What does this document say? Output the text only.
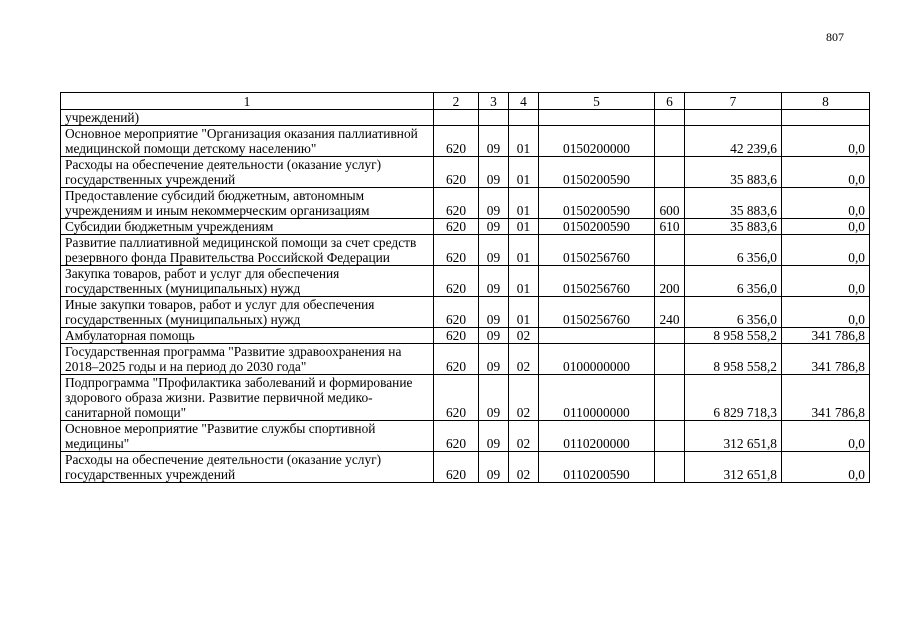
807
1	2	3	4	5	6	7	8
учреждений)							
Основное мероприятие "Организация оказания паллиативной медицинской помощи детскому населению"	620	09	01	0150200000		42 239,6	0,0
Расходы на обеспечение деятельности (оказание услуг) государственных учреждений	620	09	01	0150200590		35 883,6	0,0
Предоставление субсидий бюджетным, автономным учреждениям и иным некоммерческим организациям	620	09	01	0150200590	600	35 883,6	0,0
Субсидии бюджетным учреждениям	620	09	01	0150200590	610	35 883,6	0,0
Развитие паллиативной медицинской помощи за счет средств резервного фонда Правительства Российской Федерации	620	09	01	0150256760		6 356,0	0,0
Закупка товаров, работ и услуг для обеспечения государственных (муниципальных) нужд	620	09	01	0150256760	200	6 356,0	0,0
Иные закупки товаров, работ и услуг для обеспечения государственных (муниципальных) нужд	620	09	01	0150256760	240	6 356,0	0,0
Амбулаторная помощь	620	09	02			8 958 558,2	341 786,8
Государственная программа "Развитие здравоохранения на 2018–2025 годы и на период до 2030 года"	620	09	02	0100000000		8 958 558,2	341 786,8
Подпрограмма "Профилактика заболеваний и формирование здорового образа жизни. Развитие первичной медико-санитарной помощи"	620	09	02	0110000000		6 829 718,3	341 786,8
Основное мероприятие "Развитие службы спортивной медицины"	620	09	02	0110200000		312 651,8	0,0
Расходы на обеспечение деятельности (оказание услуг) государственных учреждений	620	09	02	0110200590		312 651,8	0,0
